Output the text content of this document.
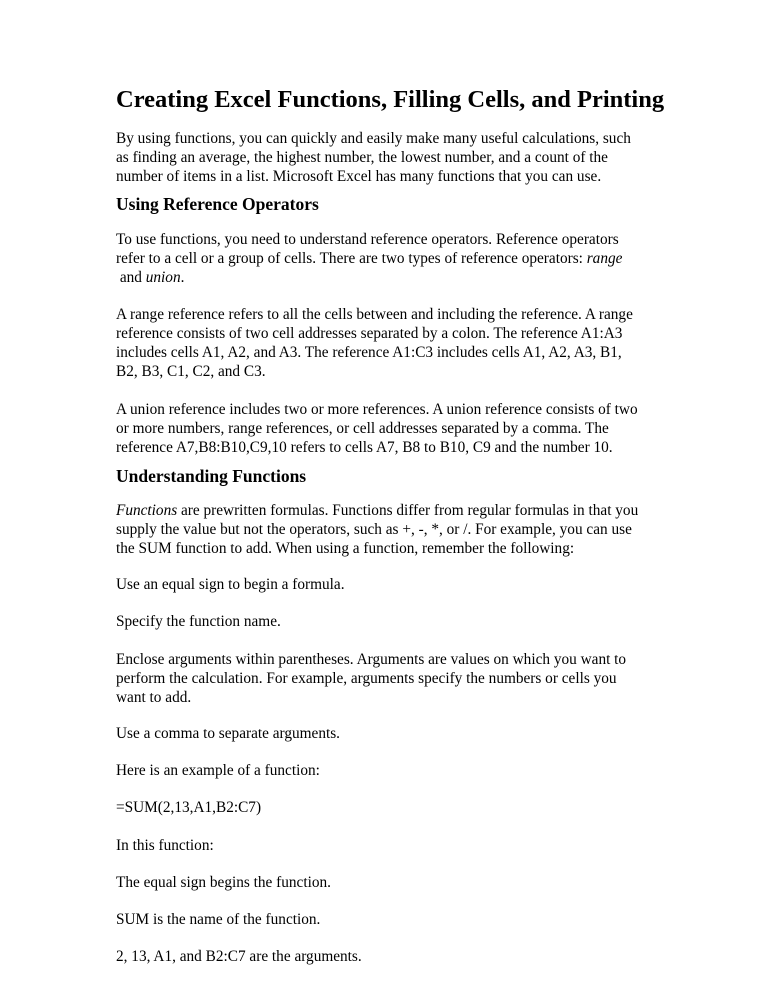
Creating Excel Functions, Filling Cells, and Printing

By using functions, you can quickly and easily make many useful calculations, such
as finding an average, the highest number, the lowest number, and a count of the
number of items in a list. Microsoft Excel has many functions that you can use.

Using Reference Operators

To use functions, you need to understand reference operators. Reference operators
refer to a cell or a group of cells. There are two types of reference operators: range
and union.

A range reference refers to all the cells between and including the reference. A range
reference consists of two cell addresses separated by a colon. The reference A1:A3
includes cells A1, A2, and A3. The reference A1:C3 includes cells A1, A2, A3, B1,
B2, B3, C1, C2, and C3.

A union reference includes two or more references. A union reference consists of two
or more numbers, range references, or cell addresses separated by a comma. The
reference A7,B8:B10,C9,10 refers to cells A7, B8 to B10, C9 and the number 10.

Understanding Functions

Functions are prewritten formulas. Functions differ from regular formulas in that you
supply the value but not the operators, such as +, -, *, or /. For example, you can use
the SUM function to add. When using a function, remember the following:

Use an equal sign to begin a formula.

Specify the function name.

Enclose arguments within parentheses. Arguments are values on which you want to
perform the calculation. For example, arguments specify the numbers or cells you
want to add.

Use a comma to separate arguments.

Here is an example of a function:

=SUM(2,13,A1,B2:C7)

In this function:

The equal sign begins the function.

SUM is the name of the function.

2, 13, A1, and B2:C7 are the arguments.
